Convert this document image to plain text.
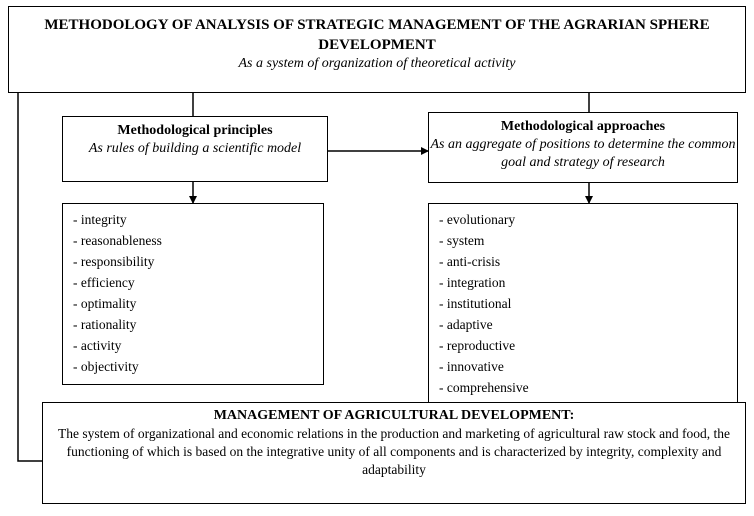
METHODOLOGY OF ANALYSIS OF STRATEGIC MANAGEMENT OF THE AGRARIAN SPHERE DEVELOPMENT
As a system of organization of theoretical activity
Methodological principles
As rules of building a scientific model
Methodological approaches
As an aggregate of positions to determine the common goal and strategy of research
- integrity
- reasonableness
- responsibility
- efficiency
- optimality
- rationality
- activity
- objectivity
- evolutionary
- system
- anti-crisis
- integration
- institutional
- adaptive
- reproductive
- innovative
- comprehensive
MANAGEMENT OF AGRICULTURAL DEVELOPMENT:
The system of organizational and economic relations in the production and marketing of agricultural raw stock and food, the functioning of which is based on the integrative unity of all components and is characterized by integrity, complexity and adaptability
